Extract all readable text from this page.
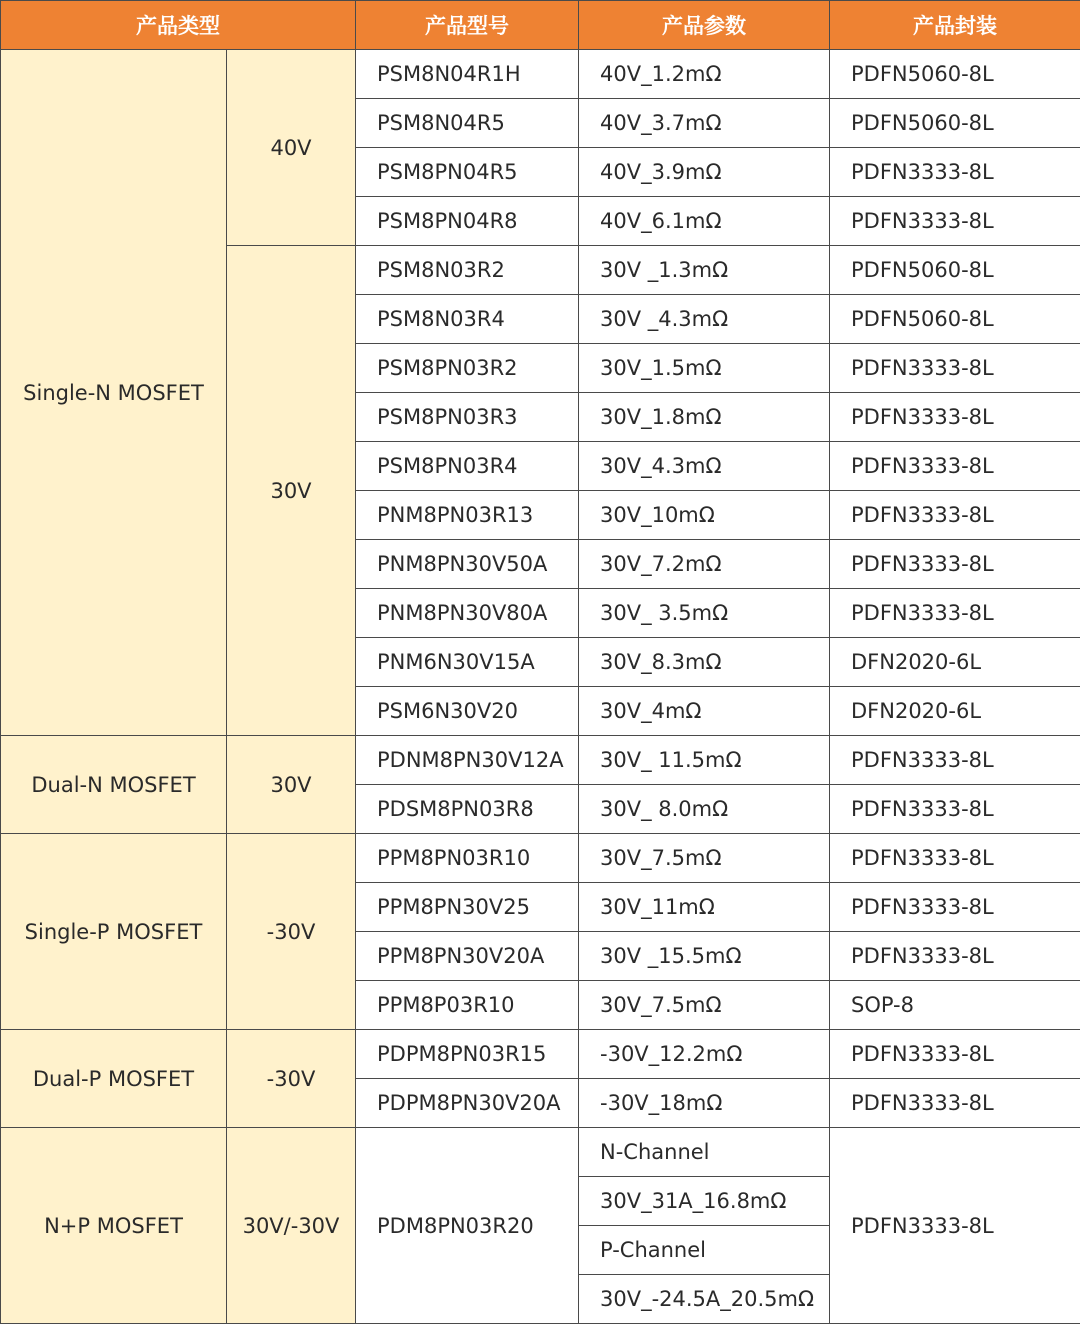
产品类型		产品型号	产品参数	产品封装
Single-N MOSFET	40V	PSM8N04R1H	40V_1.2mΩ	PDFN5060-8L
		PSM8N04R5	40V_3.7mΩ	PDFN5060-8L
		PSM8PN04R5	40V_3.9mΩ	PDFN3333-8L
		PSM8PN04R8	40V_6.1mΩ	PDFN3333-8L
	30V	PSM8N03R2	30V _1.3mΩ	PDFN5060-8L
		PSM8N03R4	30V _4.3mΩ	PDFN5060-8L
		PSM8PN03R2	30V_1.5mΩ	PDFN3333-8L
		PSM8PN03R3	30V_1.8mΩ	PDFN3333-8L
		PSM8PN03R4	30V_4.3mΩ	PDFN3333-8L
		PNM8PN03R13	30V_10mΩ	PDFN3333-8L
		PNM8PN30V50A	30V_7.2mΩ	PDFN3333-8L
		PNM8PN30V80A	30V_ 3.5mΩ	PDFN3333-8L
		PNM6N30V15A	30V_8.3mΩ	DFN2020-6L
		PSM6N30V20	30V_4mΩ	DFN2020-6L
Dual-N MOSFET	30V	PDNM8PN30V12A	30V_ 11.5mΩ	PDFN3333-8L
		PDSM8PN03R8	30V_ 8.0mΩ	PDFN3333-8L
Single-P MOSFET	-30V	PPM8PN03R10	30V_7.5mΩ	PDFN3333-8L
		PPM8PN30V25	30V_11mΩ	PDFN3333-8L
		PPM8PN30V20A	30V _15.5mΩ	PDFN3333-8L
		PPM8P03R10	30V_7.5mΩ	SOP-8
Dual-P MOSFET	-30V	PDPM8PN03R15	-30V_12.2mΩ	PDFN3333-8L
		PDPM8PN30V20A	-30V_18mΩ	PDFN3333-8L
N+P MOSFET	30V/-30V	PDM8PN03R20	N-Channel	PDFN3333-8L
			30V_31A_16.8mΩ	
			P-Channel	
			30V_-24.5A_20.5mΩ	
